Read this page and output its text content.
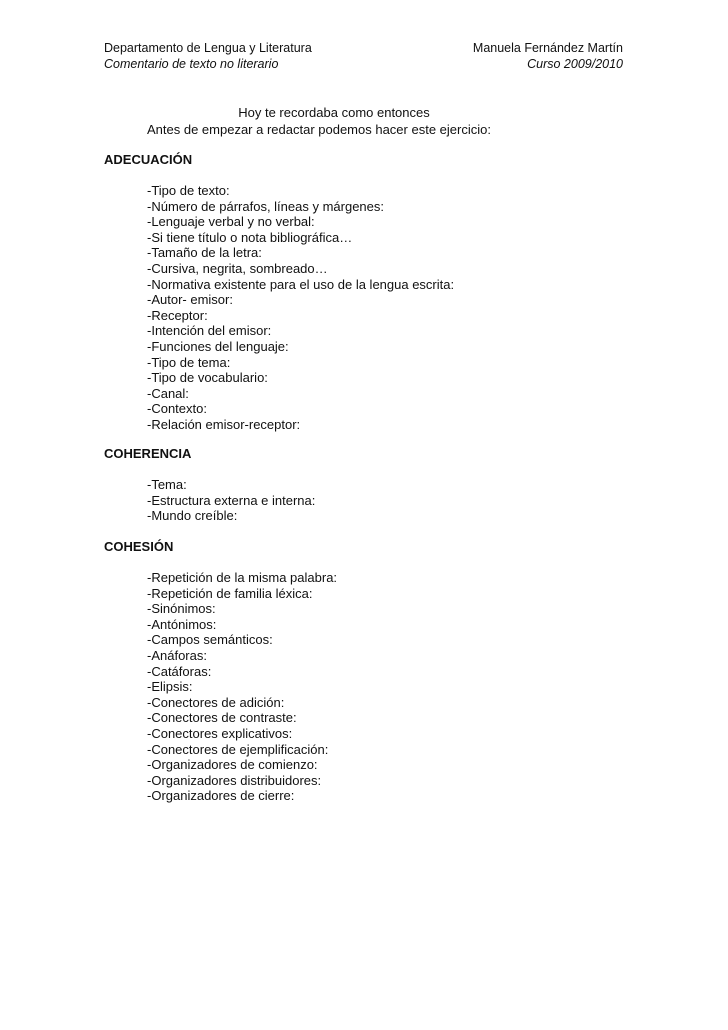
Departamento de Lengua y Literatura	Manuela Fernández Martín
Comentario de texto no literario	Curso 2009/2010
Hoy te recordaba como entonces
Antes de empezar a redactar podemos hacer este ejercicio:
ADECUACIÓN
-Tipo de texto:
-Número de párrafos, líneas y márgenes:
-Lenguaje verbal y no verbal:
-Si tiene título o nota bibliográfica…
-Tamaño de la letra:
-Cursiva, negrita, sombreado…
-Normativa existente para el uso de la lengua escrita:
-Autor- emisor:
-Receptor:
-Intención del emisor:
-Funciones del lenguaje:
-Tipo de tema:
-Tipo de vocabulario:
-Canal:
-Contexto:
-Relación emisor-receptor:
COHERENCIA
-Tema:
-Estructura externa e interna:
-Mundo creíble:
COHESIÓN
-Repetición de la misma palabra:
-Repetición de familia léxica:
-Sinónimos:
-Antónimos:
-Campos semánticos:
-Anáforas:
-Catáforas:
-Elipsis:
-Conectores de adición:
-Conectores de contraste:
-Conectores explicativos:
-Conectores de ejemplificación:
-Organizadores de comienzo:
-Organizadores distribuidores:
-Organizadores de cierre:
